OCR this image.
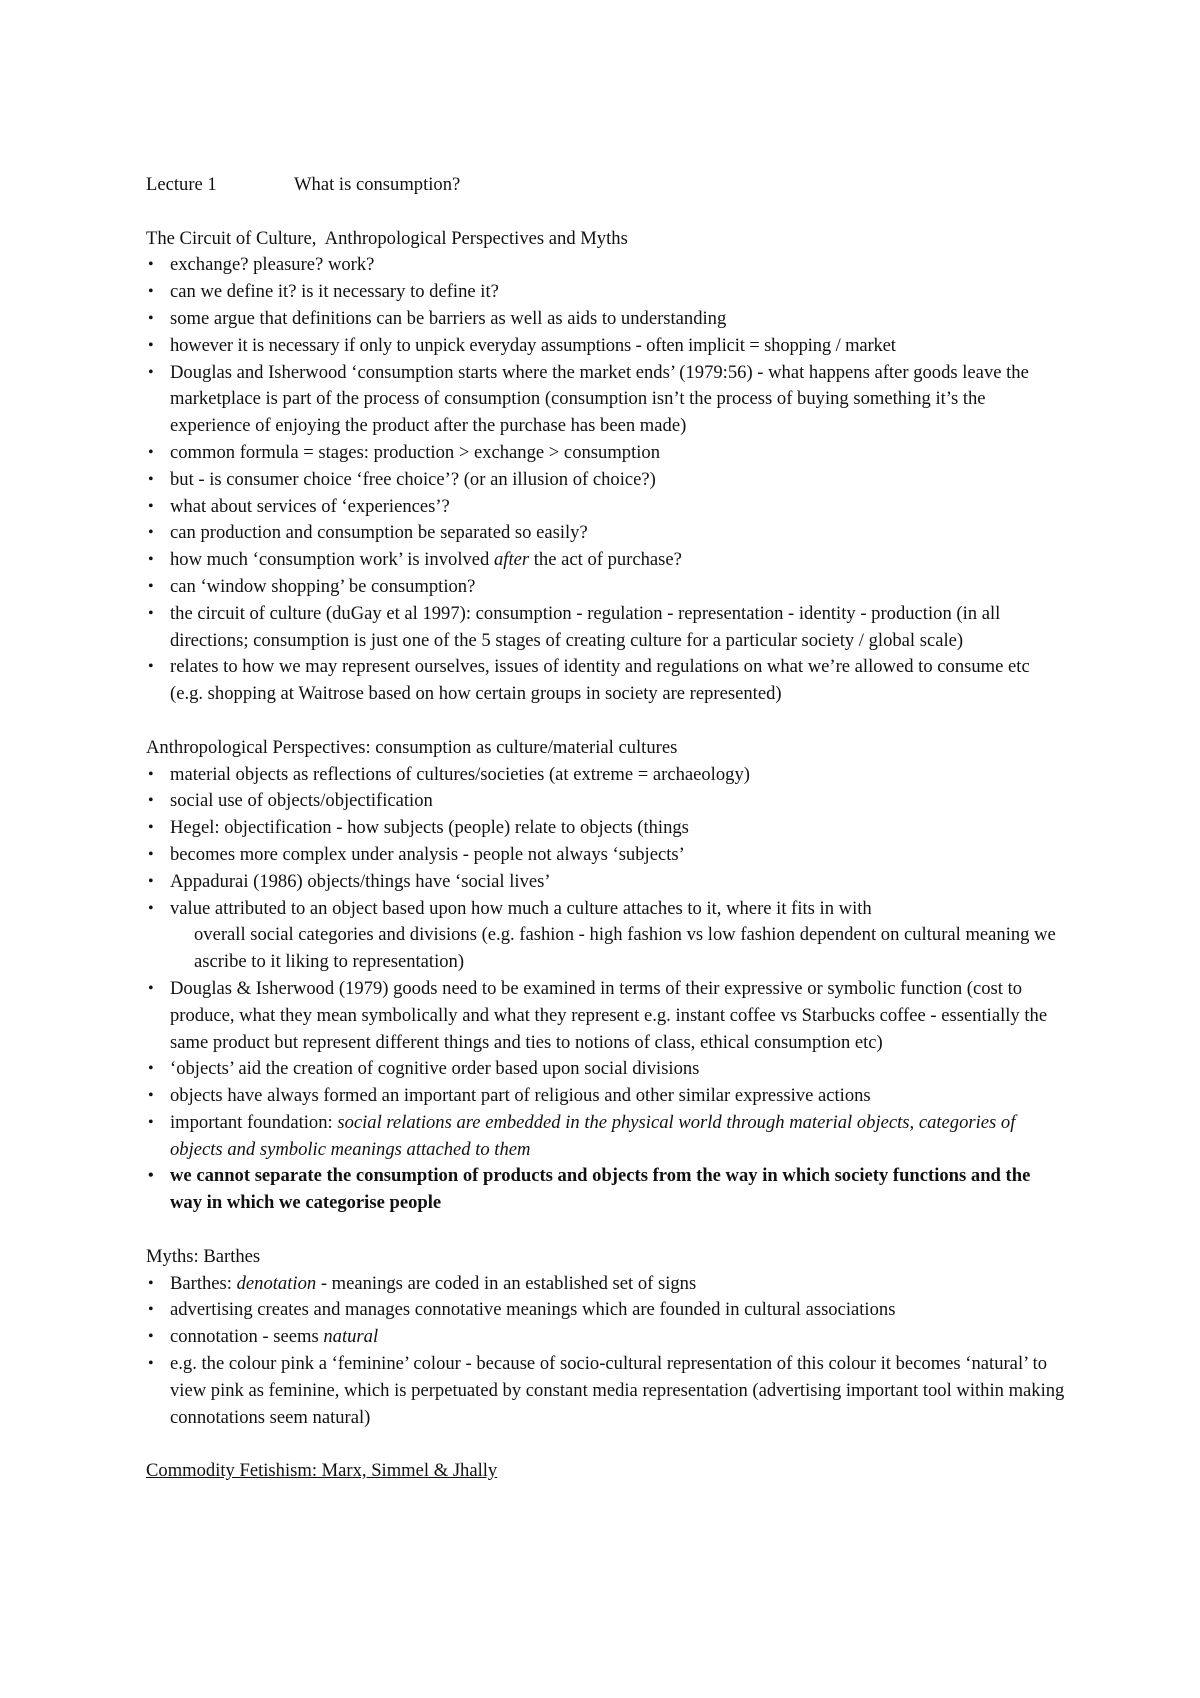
Lecture 1	What is consumption?
The Circuit of Culture,  Anthropological Perspectives and Myths
• exchange? pleasure? work?
• can we define it? is it necessary to define it?
• some argue that definitions can be barriers as well as aids to understanding
• however it is necessary if only to unpick everyday assumptions - often implicit = shopping / market
• Douglas and Isherwood ‘consumption starts where the market ends’ (1979:56) - what happens after goods leave the marketplace is part of the process of consumption (consumption isn’t the process of buying something it’s the experience of enjoying the product after the purchase has been made)
• common formula = stages: production > exchange > consumption
• but - is consumer choice ‘free choice’? (or an illusion of choice?)
• what about services of ‘experiences’?
• can production and consumption be separated so easily?
• how much ‘consumption work’ is involved after the act of purchase?
• can ‘window shopping’ be consumption?
• the circuit of culture (duGay et al 1997): consumption - regulation - representation - identity - production (in all directions; consumption is just one of the 5 stages of creating culture for a particular society / global scale)
• relates to how we may represent ourselves, issues of identity and regulations on what we’re allowed to consume etc (e.g. shopping at Waitrose based on how certain groups in society are represented)
Anthropological Perspectives: consumption as culture/material cultures
• material objects as reflections of cultures/societies (at extreme = archaeology)
• social use of objects/objectification
• Hegel: objectification - how subjects (people) relate to objects (things
• becomes more complex under analysis - people not always ‘subjects’
• Appadurai (1986) objects/things have ‘social lives’
• value attributed to an object based upon how much a culture attaches to it, where it fits in with
overall social categories and divisions (e.g. fashion - high fashion vs low fashion dependent on cultural meaning we ascribe to it liking to representation)
• Douglas & Isherwood (1979) goods need to be examined in terms of their expressive or symbolic function (cost to produce, what they mean symbolically and what they represent e.g. instant coffee vs Starbucks coffee - essentially the same product but represent different things and ties to notions of class, ethical consumption etc)
• ‘objects’ aid the creation of cognitive order based upon social divisions
• objects have always formed an important part of religious and other similar expressive actions
• important foundation: social relations are embedded in the physical world through material objects, categories of objects and symbolic meanings attached to them
• we cannot separate the consumption of products and objects from the way in which society functions and the way in which we categorise people
Myths: Barthes
• Barthes: denotation - meanings are coded in an established set of signs
• advertising creates and manages connotative meanings which are founded in cultural associations
• connotation - seems natural
• e.g. the colour pink a ‘feminine’ colour - because of socio-cultural representation of this colour it becomes ‘natural’ to view pink as feminine, which is perpetuated by constant media representation (advertising important tool within making connotations seem natural)
Commodity Fetishism: Marx, Simmel & Jhally
